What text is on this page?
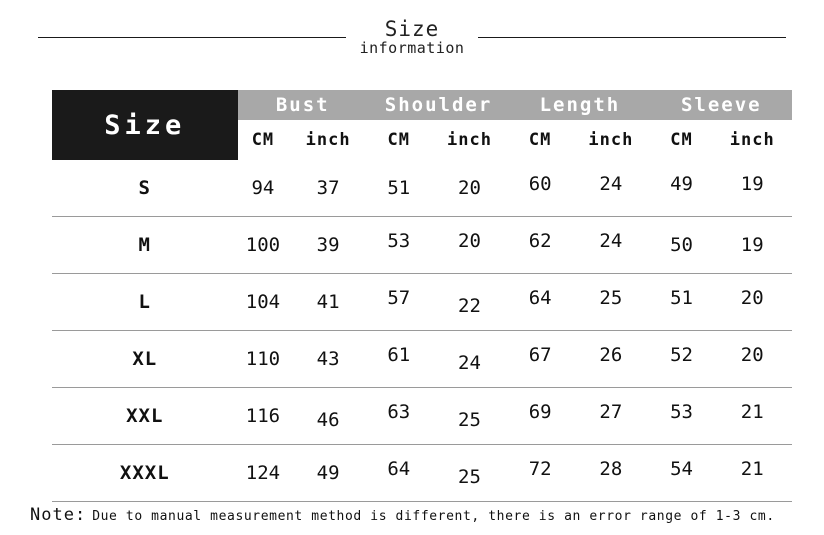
Size
information
Size	Bust		Shoulder		Length		Sleeve	
	CM	inch	CM	inch	CM	inch	CM	inch
S	94	37	51	20	60	24	49	19
M	100	39	53	20	62	24	50	19
L	104	41	57	22	64	25	51	20
XL	110	43	61	24	67	26	52	20
XXL	116	46	63	25	69	27	53	21
XXXL	124	49	64	25	72	28	54	21
Note: Due to manual measurement method is different, there is an error range of 1-3 cm.
